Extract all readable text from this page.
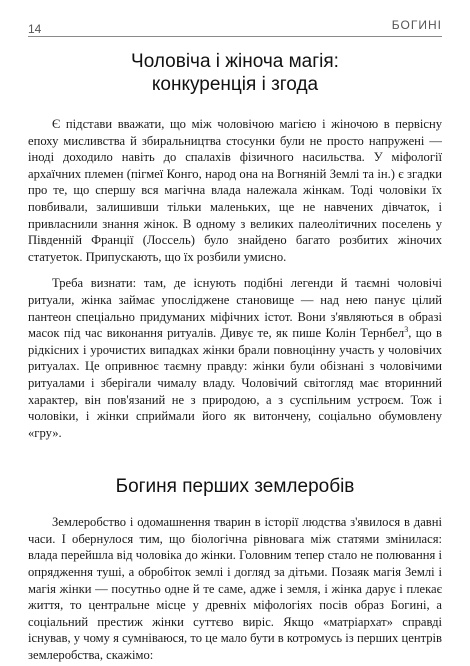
14	БОГИНІ
Чоловіча і жіноча магія:
конкуренція і згода

Є підстави вважати, що між чоловічою магією і жіночою в первісну епоху мисливства й збиральництва стосунки були не просто напружені — іноді доходило навіть до спалахів фізичного насильства. У міфології архаїчних племен (пігмеї Конго, народ она на Вогняній Землі та ін.) є згадки про те, що спершу вся магічна влада належала жінкам. Тоді чоловіки їх повбивали, залишивши тільки маленьких, ще не навчених дівчаток, і привласнили знання жінок. В одному з великих палеолітичних поселень у Південній Франції (Лоссель) було знайдено багато розбитих жіночих статуеток. Припускають, що їх розбили умисно.

Треба визнати: там, де існують подібні легенди й таємні чоловічі ритуали, жінка займає упосліджене становище — над нею панує цілий пантеон спеціально придуманих міфічних істот. Вони з'являються в образі масок під час виконання ритуалів. Дивує те, як пише Колін Тернбел$^3$, що в рідкісних і урочистих випадках жінки брали повноцінну участь у чоловічих ритуалах. Це опривнює таємну правду: жінки були обізнані з чоловічими ритуалами і зберігали чималу владу. Чоловічий світогляд має вторинний характер, він пов'язаний не з природою, а з суспільним устроєм. Тож і чоловіки, і жінки сприймали його як витончену, соціально обумовлену «гру».

Богиня перших землеробів

Землеробство і одомашнення тварин в історії людства з'явилося в давні часи. І обернулося тим, що біологічна рівновага між статями змінилася: влада перейшла від чоловіка до жінки. Головним тепер стало не полювання і опрядження туші, а обробіток землі і догляд за дітьми. Позаяк магія Землі і магія жінки — посутньо одне й те саме, адже і земля, і жінка дарує і плекає життя, то центральне місце у древніх міфологіях посів образ Богині, а соціальний престиж жінки суттєво виріс. Якщо «матріархат» справді існував, у чому я сумніваюся, то це мало бути в котромусь із перших центрів землеробства, скажімо:
